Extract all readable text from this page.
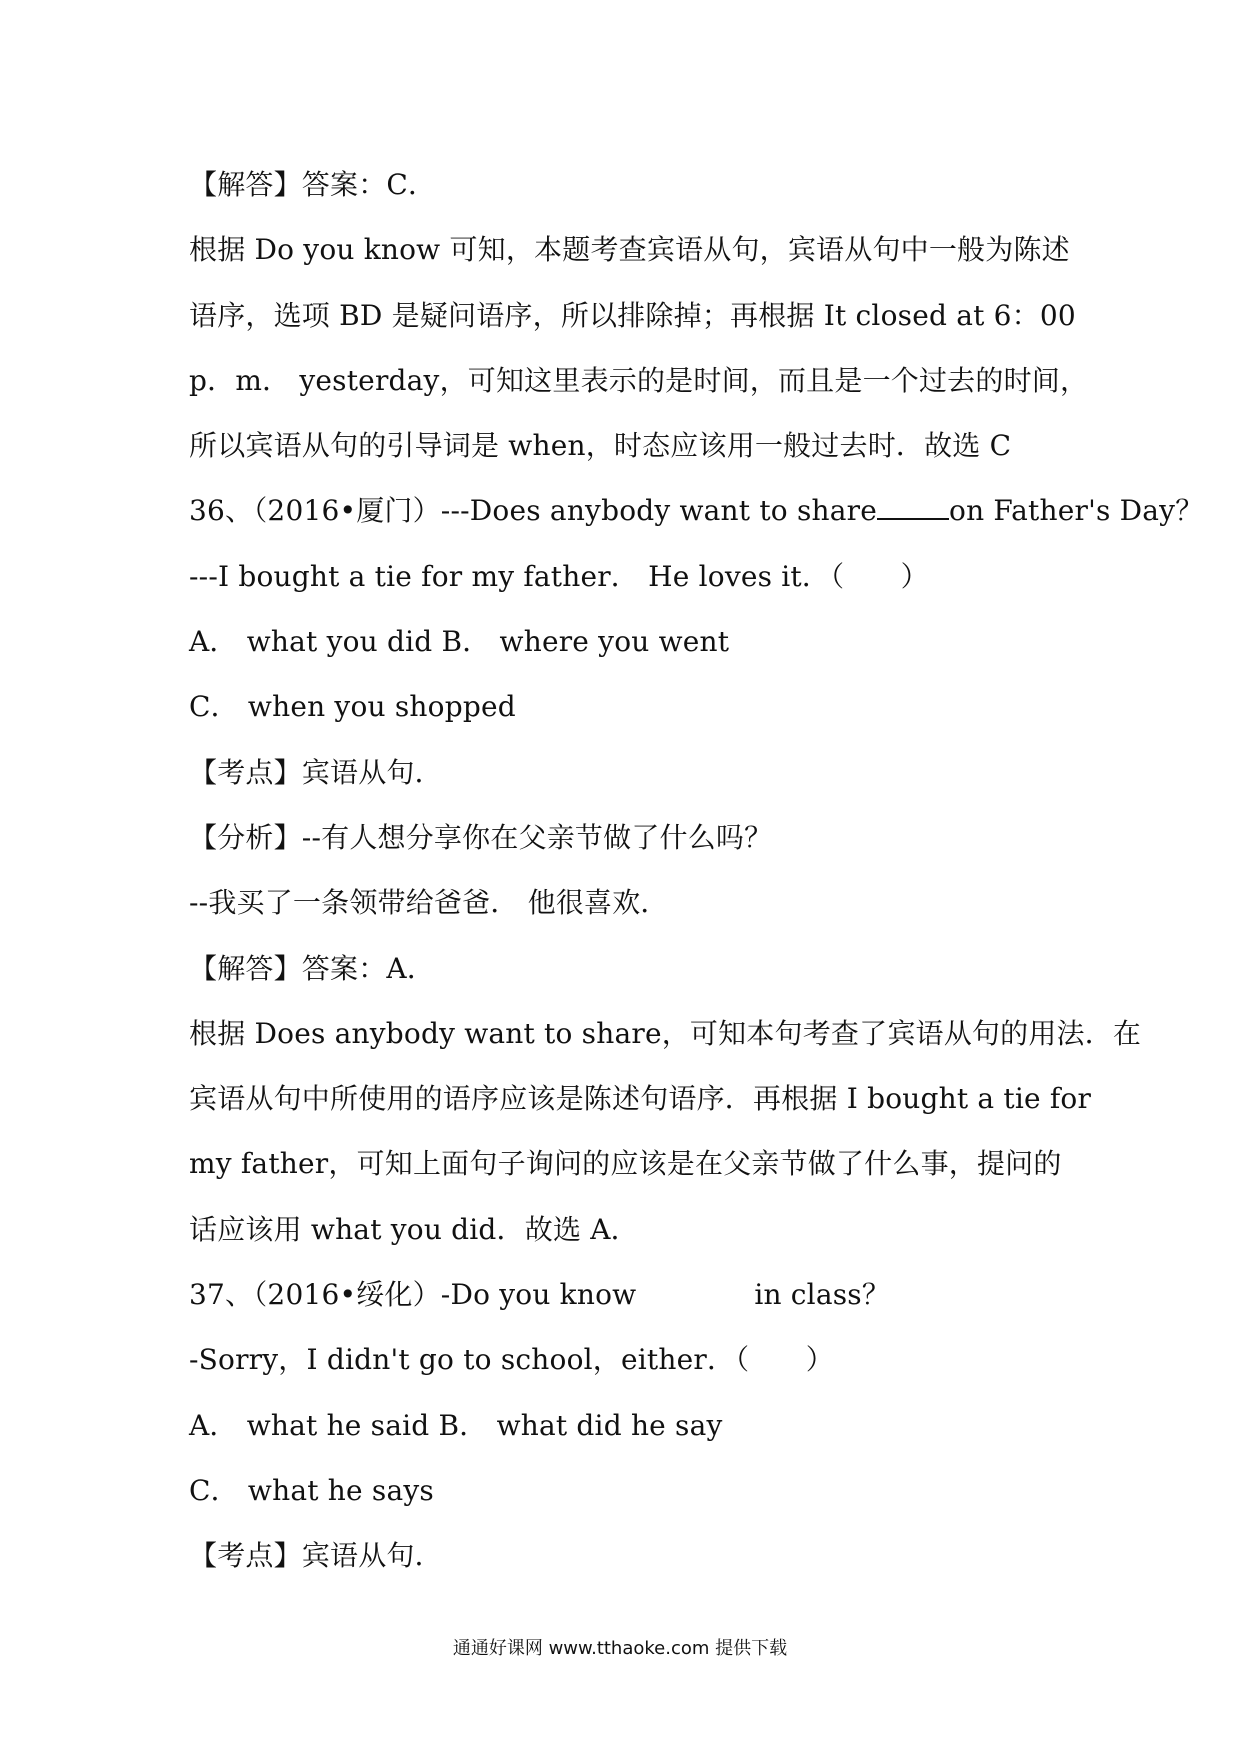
【解答】答案：C．
根据 Do you know 可知，本题考查宾语从句，宾语从句中一般为陈述
语序，选项 BD 是疑问语序，所以排除掉；再根据 It closed at 6：00
p．m． yesterday，可知这里表示的是时间，而且是一个过去的时间，
所以宾语从句的引导词是 when，时态应该用一般过去时．故选 C
36、（2016•厦门）---Does anybody want to share	on Father's Day？
---I bought a tie for my father． He loves it．（　　）
A． what you did B． where you went
C． when you shopped
【考点】宾语从句．
【分析】--有人想分享你在父亲节做了什么吗？
--我买了一条领带给爸爸． 他很喜欢．
【解答】答案：A．
根据 Does anybody want to share，可知本句考查了宾语从句的用法．在
宾语从句中所使用的语序应该是陈述句语序．再根据 I bought a tie for
my father，可知上面句子询问的应该是在父亲节做了什么事，提问的
话应该用 what you did．故选 A．
37、（2016•绥化）-Do you know	in class？
-Sorry，I didn't go to school，either．（　　）
A． what he said B． what did he say
C． what he says
【考点】宾语从句．
通通好课网 www.tthaoke.com 提供下载
